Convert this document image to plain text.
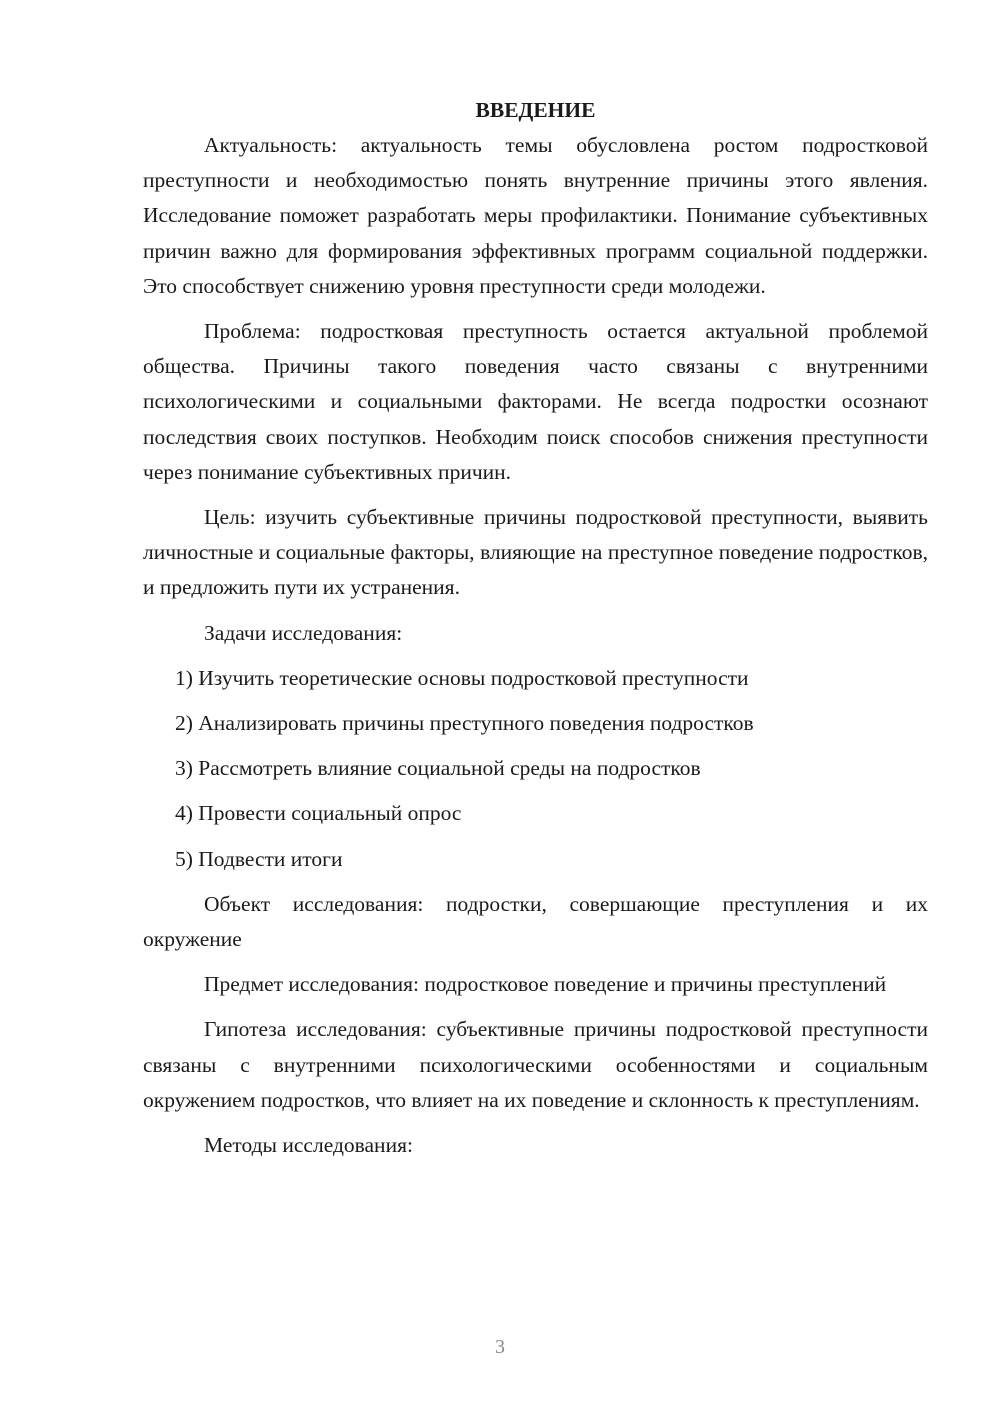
ВВЕДЕНИЕ

Актуальность: актуальность темы обусловлена ростом подростковой преступности и необходимостью понять внутренние причины этого явления. Исследование поможет разработать меры профилактики. Понимание субъективных причин важно для формирования эффективных программ социальной поддержки. Это способствует снижению уровня преступности среди молодежи.

Проблема: подростковая преступность остается актуальной проблемой общества. Причины такого поведения часто связаны с внутренними психологическими и социальными факторами. Не всегда подростки осознают последствия своих поступков. Необходим поиск способов снижения преступности через понимание субъективных причин.

Цель: изучить субъективные причины подростковой преступности, выявить личностные и социальные факторы, влияющие на преступное поведение подростков, и предложить пути их устранения.

Задачи исследования:

1) Изучить теоретические основы подростковой преступности

2) Анализировать причины преступного поведения подростков

3) Рассмотреть влияние социальной среды на подростков

4) Провести социальный опрос

5) Подвести итоги

Объект исследования: подростки, совершающие преступления и их окружение

Предмет исследования: подростковое поведение и причины преступлений

Гипотеза исследования: субъективные причины подростковой преступности связаны с внутренними психологическими особенностями и социальным окружением подростков, что влияет на их поведение и склонность к преступлениям.

Методы исследования:

3
